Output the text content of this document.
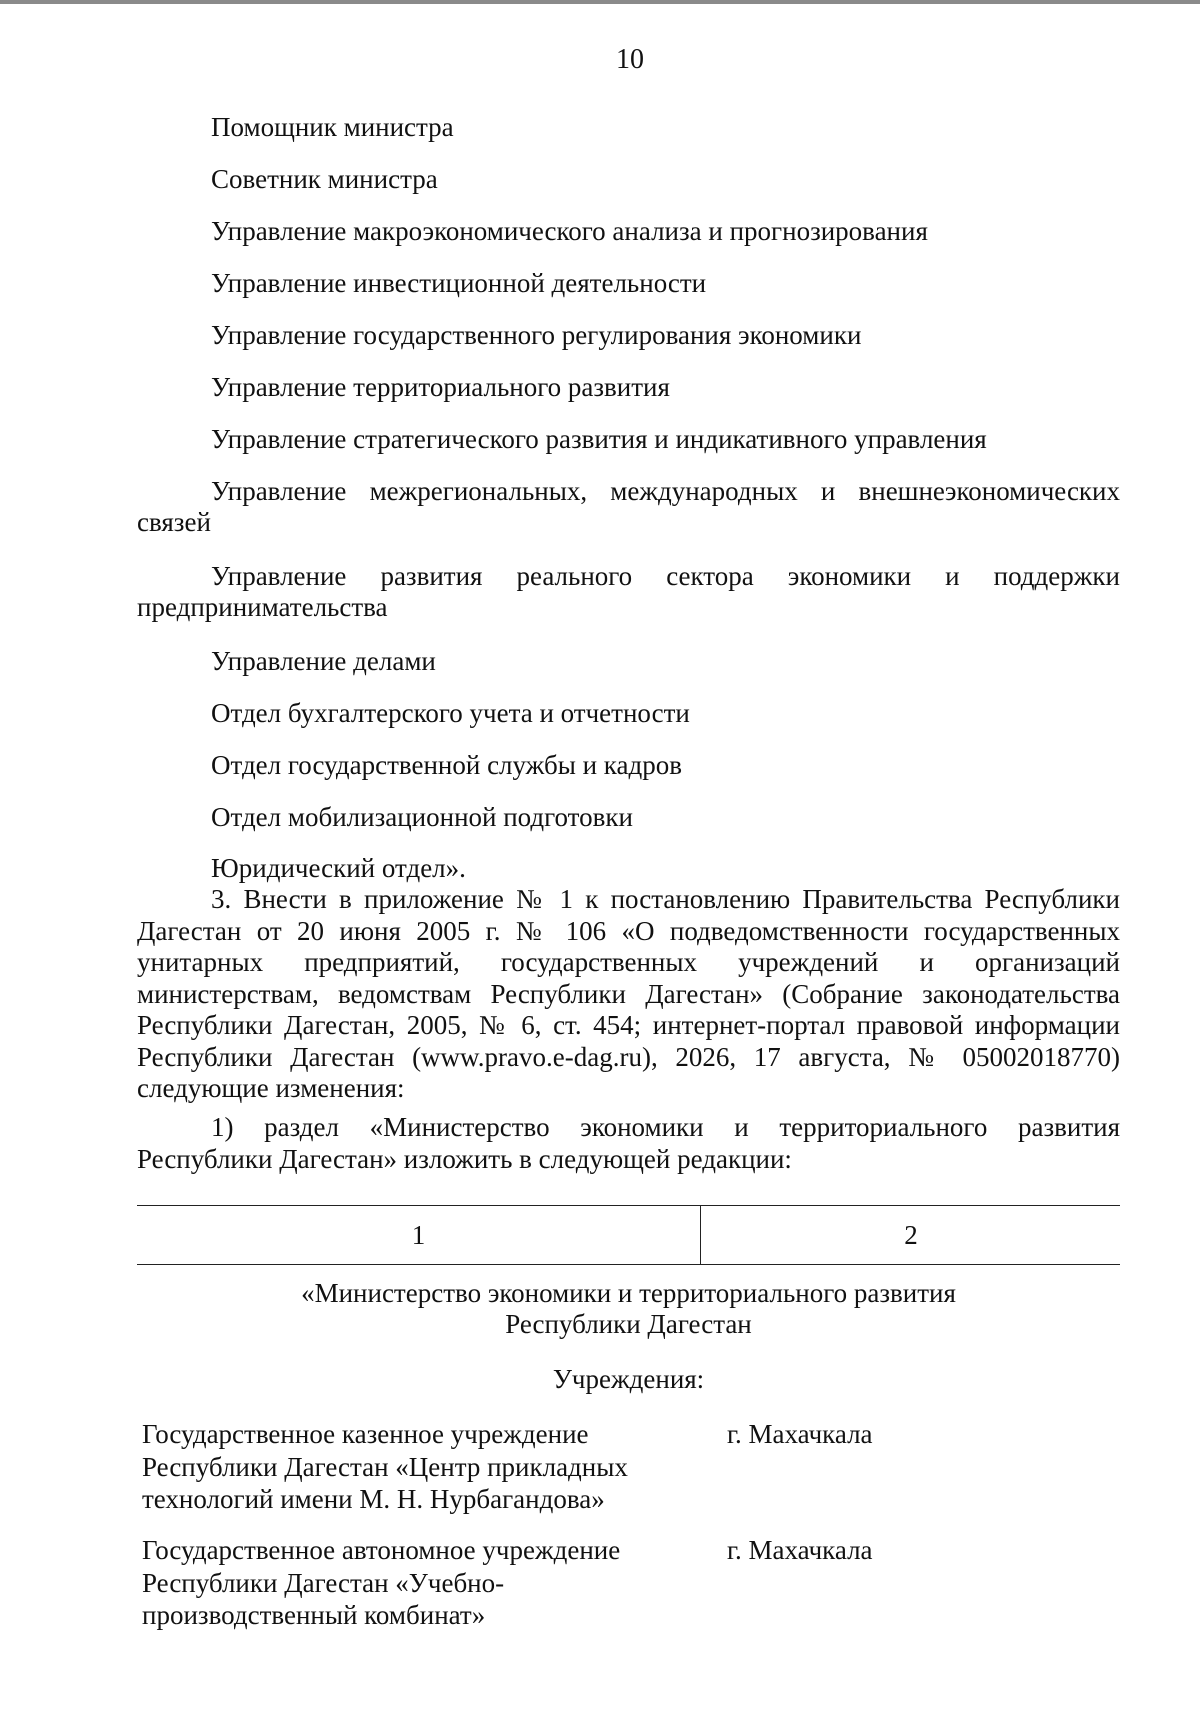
10
Помощник министра
Советник министра
Управление макроэкономического анализа и прогнозирования
Управление инвестиционной деятельности
Управление государственного регулирования экономики
Управление территориального развития
Управление стратегического развития и индикативного управления
Управление межрегиональных, международных и внешнеэкономических
связей
Управление развития реального сектора экономики и поддержки
предпринимательства
Управление делами
Отдел бухгалтерского учета и отчетности
Отдел государственной службы и кадров
Отдел мобилизационной подготовки
Юридический отдел».
3. Внести в приложение № 1 к постановлению Правительства Республики
Дагестан от 20 июня 2005 г. № 106 «О подведомственности государственных
унитарных предприятий, государственных учреждений и организаций
министерствам, ведомствам Республики Дагестан» (Собрание законодательства
Республики Дагестан, 2005, № 6, ст. 454; интернет-портал правовой информации
Республики Дагестан (www.pravo.e-dag.ru), 2026, 17 августа, № 05002018770)
следующие изменения:
1) раздел «Министерство экономики и территориального развития
Республики Дагестан» изложить в следующей редакции:
1	2
«Министерство экономики и территориального развития
Республики Дагестан
Учреждения:
Государственное казенное учреждение
Республики Дагестан «Центр прикладных
технологий имени М. Н. Нурбагандова»
г. Махачкала
Государственное автономное учреждение
Республики Дагестан «Учебно-
производственный комбинат»
г. Махачкала
